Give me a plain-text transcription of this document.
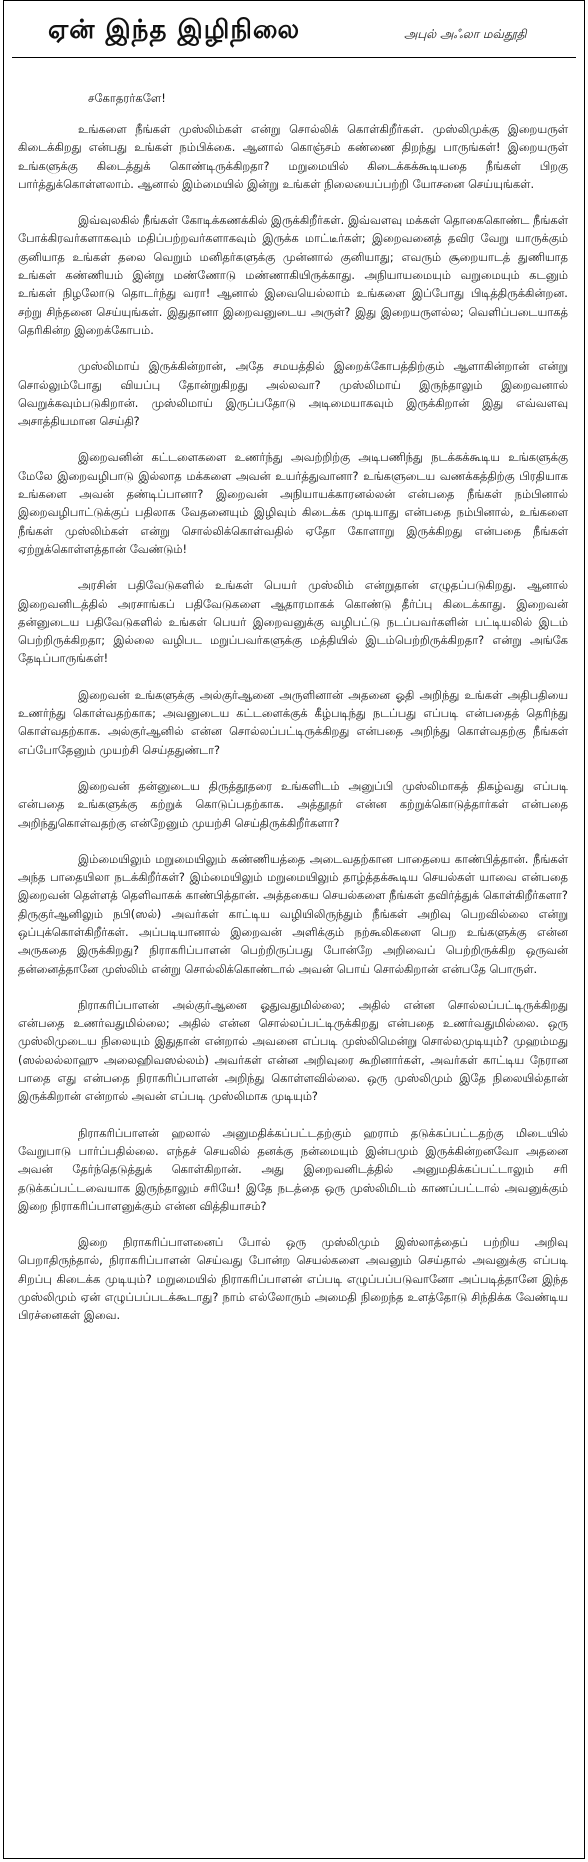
ஏன் இந்த இழிநிலை	அபுல் அஃலா மவ்தூதி

சகோதரர்களே!

உங்களை நீங்கள் முஸ்லிம்கள் என்று சொல்லிக் கொள்கிறீர்கள். முஸ்லிமுக்கு இறையருள் கிடைக்கிறது என்பது உங்கள் நம்பிக்கை. ஆனால் கொஞ்சம் கண்ணை திறந்து பாருங்கள்! இறையருள் உங்களுக்கு கிடைத்துக் கொண்டிருக்கிறதா? மறுமையில் கிடைக்கக்கூடியதை நீங்கள் பிறகு பார்த்துக்கொள்ளலாம். ஆனால் இம்மையில் இன்று உங்கள் நிலையைப்பற்றி யோசனை செய்யுங்கள்.

இவ்வுலகில் நீங்கள் கோடிக்கணக்கில் இருக்கிறீர்கள். இவ்வளவு மக்கள் தொகைகொண்ட நீங்கள் போக்கிரவர்களாகவும் மதிப்பற்றவர்களாகவும் இருக்க மாட்டீர்கள்; இறைவனைத் தவிர வேறு யாருக்கும் குனியாத உங்கள் தலை வெறும் மனிதர்களுக்கு முன்னால் குனியாது; எவரும் சூறையாடத் துணியாத உங்கள் கண்ணியம் இன்று மண்ணோடு மண்ணாகியிருக்காது. அநியாயமையும் வறுமையும் கடனும் உங்கள் நிழலோடு தொடர்ந்து வரா! ஆனால் இவையெல்லாம் உங்களை இப்போது பிடித்திருக்கின்றன. சற்று சிந்தனை செய்யுங்கள். இதுதானா இறைவனுடைய அருள்? இது இறையருளல்ல; வெளிப்படையாகத் தெரிகின்ற இறைக்கோபம்.

முஸ்லிமாய் இருக்கின்றான், அதே சமயத்தில் இறைக்கோபத்திற்கும் ஆளாகின்றான் என்று சொல்லும்போது வியப்பு தோன்றுகிறது அல்லவா? முஸ்லிமாய் இருந்தாலும் இறைவனால் வெறுக்கவும்படுகிறான். முஸ்லிமாய் இருப்பதோடு அடிமையாகவும் இருக்கிறான் இது எவ்வளவு அசாத்தியமான செய்தி?

இறைவனின் கட்டளைகளை உணர்ந்து அவற்றிற்கு அடிபணிந்து நடக்கக்கூடிய உங்களுக்கு மேலே இறைவழிபாடு இல்லாத மக்களை அவன் உயர்த்துவானா? உங்களுடைய வணக்கத்திற்கு பிரதியாக உங்களை அவன் தண்டிப்பானா? இறைவன் அநியாயக்காரனல்லன் என்பதை நீங்கள் நம்பினால் இறைவழிபாட்டுக்குப் பதிலாக வேதனையும் இழிவும் கிடைக்க முடியாது என்பதை நம்பினால், உங்களை நீங்கள் முஸ்லிம்கள் என்று சொல்லிக்கொள்வதில் ஏதோ கோளாறு இருக்கிறது என்பதை நீங்கள் ஏற்றுக்கொள்ளத்தான் வேண்டும்!

அரசின் பதிவேடுகளில் உங்கள் பெயர் முஸ்லிம் என்றுதான் எழுதப்படுகிறது. ஆனால் இறைவனிடத்தில் அரசாங்கப் பதிவேடுகளை ஆதாரமாகக் கொண்டு தீர்ப்பு கிடைக்காது. இறைவன் தன்னுடைய பதிவேடுகளில் உங்கள் பெயர் இறைவனுக்கு வழிபட்டு நடப்பவர்களின் பட்டியலில் இடம் பெற்றிருக்கிறதா; இல்லை வழிபட மறுப்பவர்களுக்கு மத்தியில் இடம்பெற்றிருக்கிறதா? என்று அங்கே தேடிப்பாருங்கள்!

இறைவன் உங்களுக்கு அல்குர்ஆனை அருளினான் அதனை ஓதி அறிந்து உங்கள் அதிபதியை உணர்ந்து கொள்வதற்காக; அவனுடைய கட்டளைக்குக் கீழ்படிந்து நடப்பது எப்படி என்பதைத் தெரிந்து கொள்வதற்காக. அல்குர்ஆனில் என்ன சொல்லப்பட்டிருக்கிறது என்பதை அறிந்து கொள்வதற்கு நீங்கள் எப்போதேனும் முயற்சி செய்ததுண்டா?

இறைவன் தன்னுடைய திருத்தூதரை உங்களிடம் அனுப்பி முஸ்லிமாகத் திகழ்வது எப்படி என்பதை உங்களுக்கு கற்றுக் கொடுப்பதற்காக. அத்தூதர் என்ன கற்றுக்கொடுத்தார்கள் என்பதை அறிந்துகொள்வதற்கு என்றேனும் முயற்சி செய்திருக்கிறீர்களா?

இம்மையிலும் மறுமையிலும் கண்ணியத்தை அடைவதற்கான பாதையை காண்பித்தான். நீங்கள் அந்த பாதையிலா நடக்கிறீர்கள்? இம்மையிலும் மறுமையிலும் தாழ்த்தக்கூடிய செயல்கள் யாவை என்பதை இறைவன் தெள்ளத் தெளிவாகக் காண்பித்தான். அத்தகைய செயல்களை நீங்கள் தவிர்த்துக் கொள்கிறீர்களா? திருகுர்ஆனிலும் நபி(ஸல்) அவர்கள் காட்டிய வழியிலிருந்தும் நீங்கள் அறிவு பெறவில்லை என்று ஒப்புக்கொள்கிறீர்கள். அப்படியானால் இறைவன் அளிக்கும் நற்கூலிகளை பெற உங்களுக்கு என்ன அருகதை இருக்கிறது? நிராகரிப்பாளன் பெற்றிருப்பது போன்றே அறிவைப் பெற்றிருக்கிற ஒருவன் தன்னைத்தானே முஸ்லிம் என்று சொல்லிக்கொண்டால் அவன் பொய் சொல்கிறான் என்பதே பொருள்.

நிராகரிப்பாளன் அல்குர்ஆனை ஓதுவதுமில்லை; அதில் என்ன சொல்லப்பட்டிருக்கிறது என்பதை உணர்வதுமில்லை; அதில் என்ன சொல்லப்பட்டிருக்கிறது என்பதை உணர்வதுமில்லை. ஒரு முஸ்லிமுடைய நிலையும் இதுதான் என்றால் அவனை எப்படி முஸ்லிமென்று சொல்லமுடியும்? முஹம்மது (ஸல்லல்லாஹு அலைஹிவஸல்லம்) அவர்கள் என்ன அறிவுரை கூறினார்கள், அவர்கள் காட்டிய நேரான பாதை எது என்பதை நிராகரிப்பாளன் அறிந்து கொள்ளவில்லை. ஒரு முஸ்லிமும் இதே நிலையில்தான் இருக்கிறான் என்றால் அவன் எப்படி முஸ்லிமாக முடியும்?

நிராகரிப்பாளன் ஹலால் அனுமதிக்கப்பட்டதற்கும் ஹராம் தடுக்கப்பட்டதற்கு மிடையில் வேறுபாடு பார்ப்பதில்லை. எந்தச் செயலில் தனக்கு நன்மையும் இன்பமும் இருக்கின்றனவோ அதனை அவன் தேர்ந்தெடுத்துக் கொள்கிறான். அது இறைவனிடத்தில் அனுமதிக்கப்பட்டாலும் சரி தடுக்கப்பட்டவையாக இருந்தாலும் சரியே! இதே நடத்தை ஒரு முஸ்லிமிடம் காணப்பட்டால் அவனுக்கும் இறை நிராகரிப்பாளனுக்கும் என்ன வித்தியாசம்?

இறை நிராகரிப்பாளனைப் போல் ஒரு முஸ்லிமும் இஸ்லாத்தைப் பற்றிய அறிவு பெறாதிருந்தால், நிராகரிப்பாளன் செய்வது போன்ற செயல்களை அவனும் செய்தால் அவனுக்கு எப்படி சிறப்பு கிடைக்க முடியும்? மறுமையில் நிராகரிப்பாளன் எப்படி எழுப்பப்படுவானோ அப்படித்தானே இந்த முஸ்லிமும் ஏன் எழுப்பப்படக்கூடாது? நாம் எல்லோரும் அமைதி நிறைந்த உளத்தோடு சிந்திக்க வேண்டிய பிரச்னைகள் இவை.
